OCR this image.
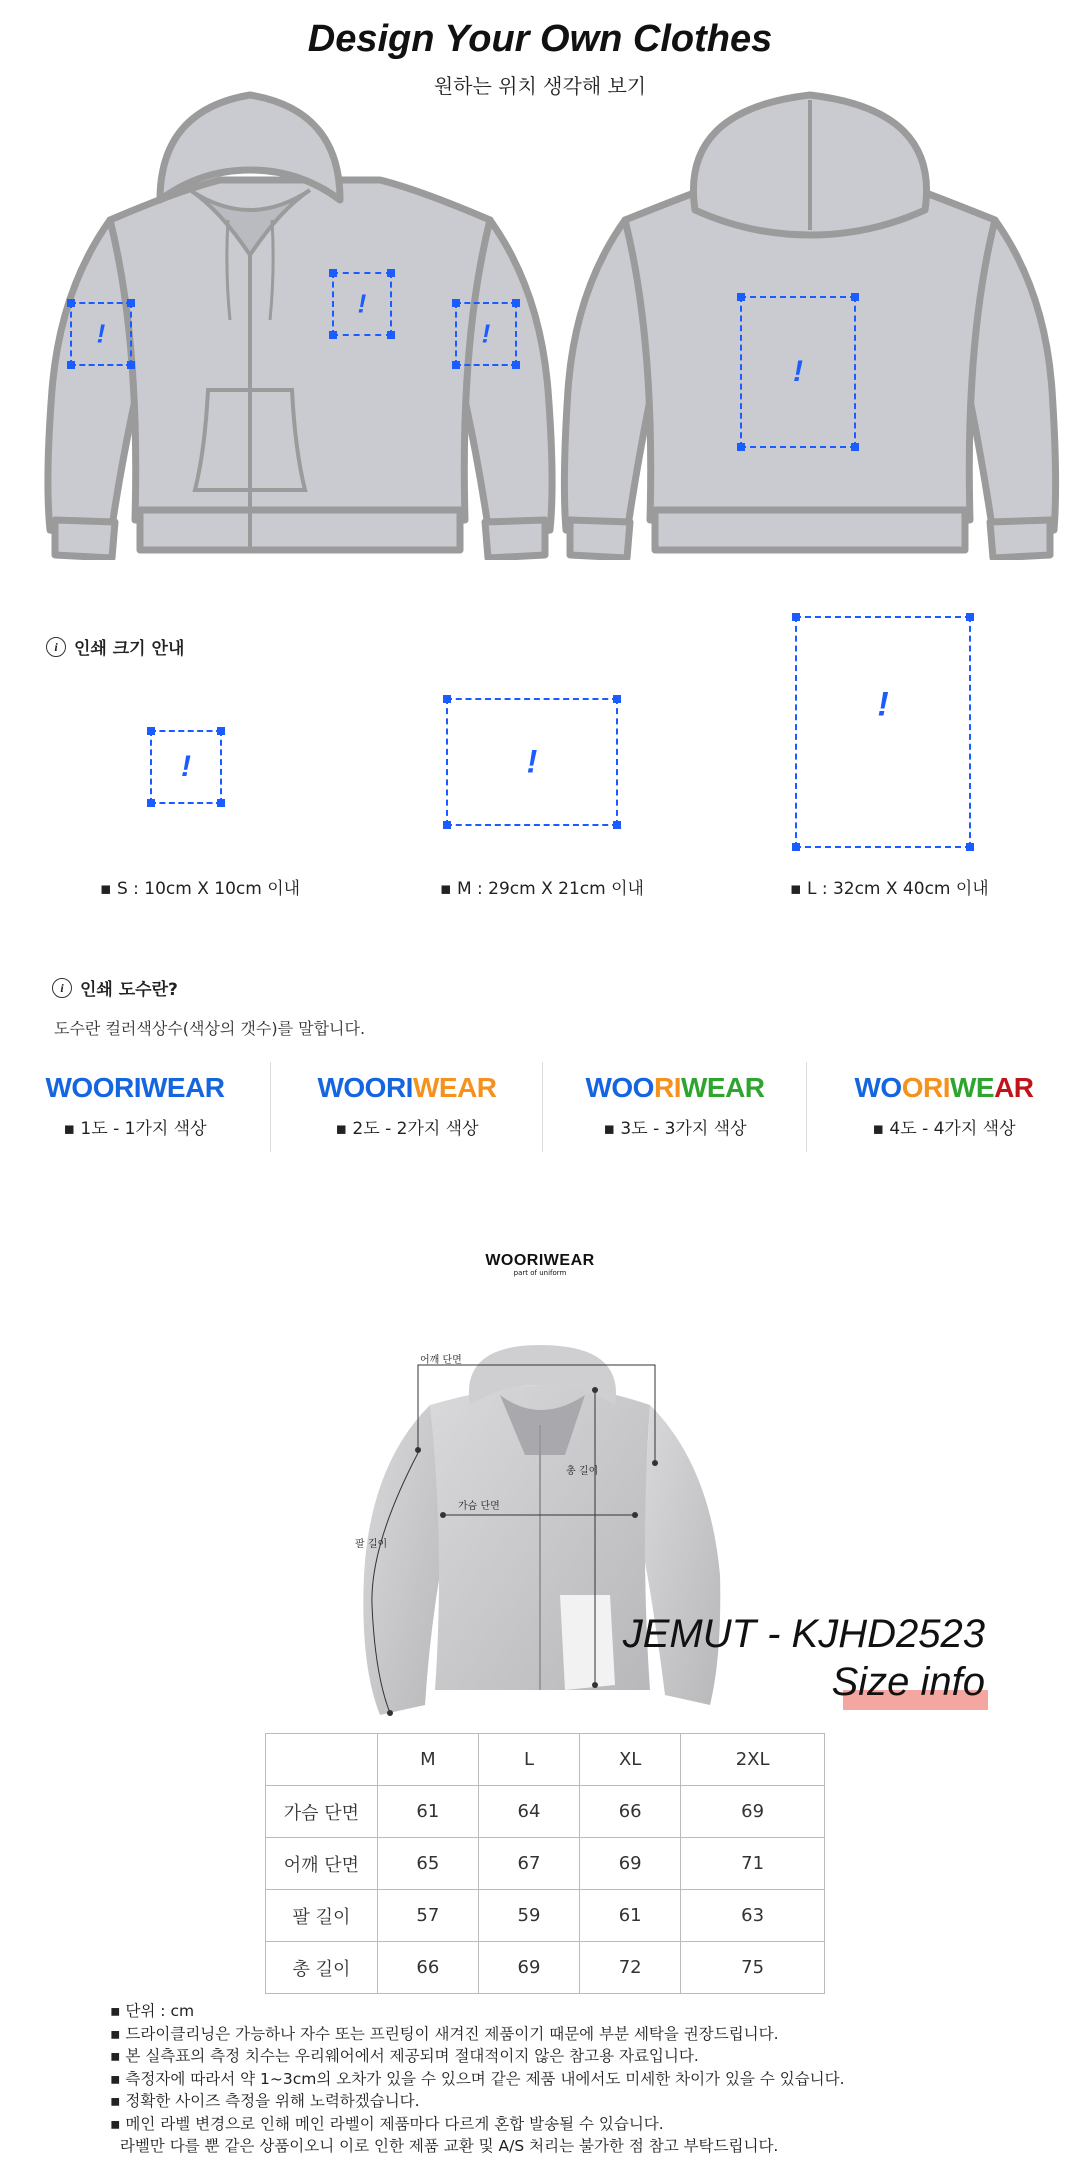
Design Your Own Clothes
원하는 위치 생각해 보기
!
!
!
!
i 인쇄 크기 안내
!	!
!
▪ S : 10cm X 10cm 이내	▪ M : 29cm X 21cm 이내	▪ L : 32cm X 40cm 이내
i 인쇄 도수란?
도수란 컬러색상수(색상의 갯수)를 말합니다.
WOORIWEAR
▪ 1도 - 1가지 색상
WOORIWEAR
▪ 2도 - 2가지 색상
WOORIWEAR
▪ 3도 - 3가지 색상
WOORIWEAR
▪ 4도 - 4가지 색상
WOORIWEAR
part of uniform
어깨 단면
총 길이
가슴 단면
팔 길이
JEMUT - KJHD2523
Size info
	M	L	XL	2XL
가슴 단면	61	64	66	69
어깨 단면	65	67	69	71
팔 길이	57	59	61	63
총 길이	66	69	72	75
▪ 단위 : cm
▪ 드라이클리닝은 가능하나 자수 또는 프린팅이 새겨진 제품이기 때문에 부분 세탁을 권장드립니다.
▪ 본 실측표의 측정 치수는 우리웨어에서 제공되며 절대적이지 않은 참고용 자료입니다.
▪ 측정자에 따라서 약 1~3cm의 오차가 있을 수 있으며 같은 제품 내에서도 미세한 차이가 있을 수 있습니다.
▪ 정확한 사이즈 측정을 위해 노력하겠습니다.
▪ 메인 라벨 변경으로 인해 메인 라벨이 제품마다 다르게 혼합 발송될 수 있습니다.
라벨만 다를 뿐 같은 상품이오니 이로 인한 제품 교환 및 A/S 처리는 불가한 점 참고 부탁드립니다.
